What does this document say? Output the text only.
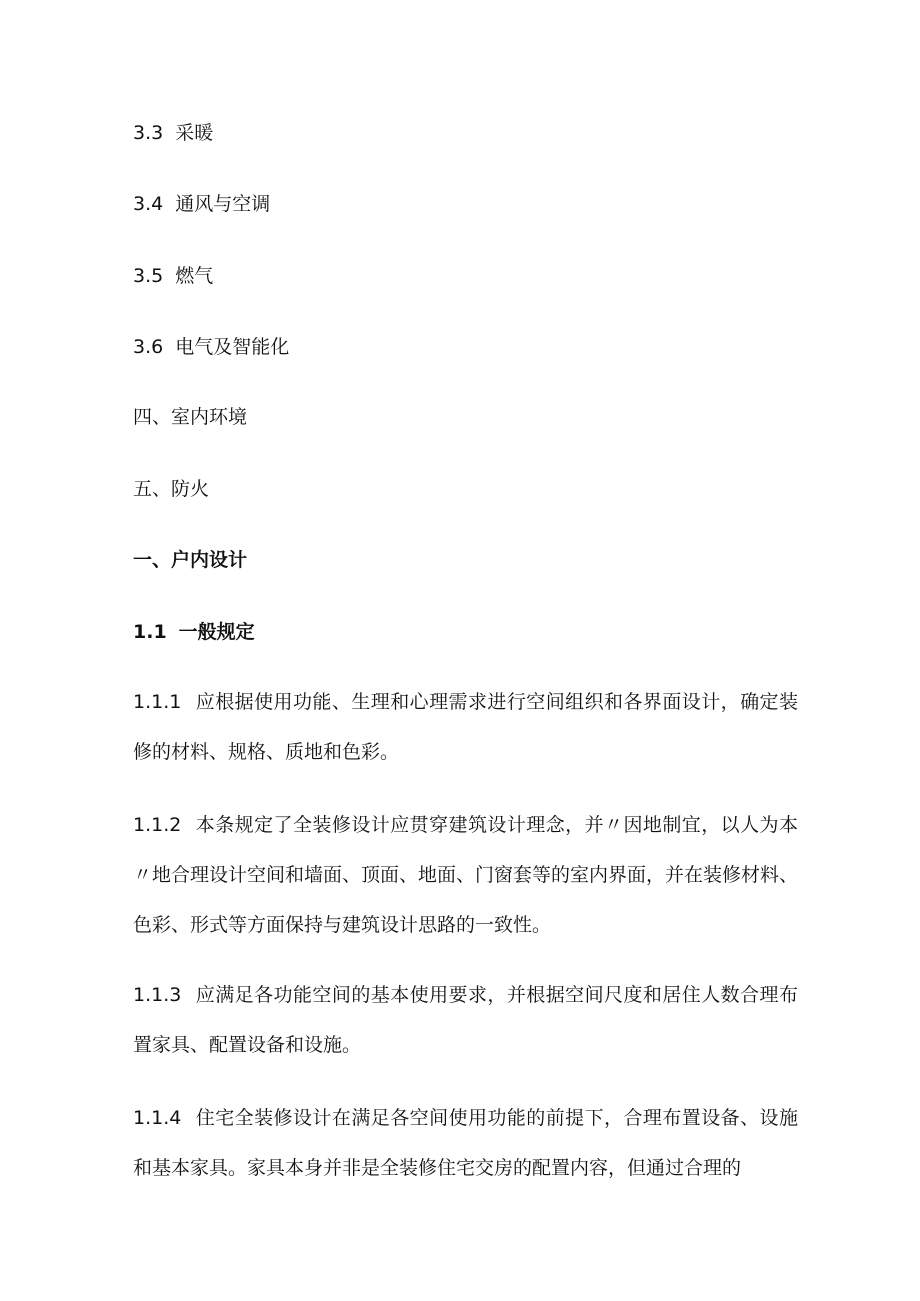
3.3 采暖
3.4 通风与空调
3.5 燃气
3.6 电气及智能化
四、室内环境
五、防火
一、户内设计
1.1 一般规定
1.1.1 应根据使用功能、生理和心理需求进行空间组织和各界面设计，确定装修的材料、规格、质地和色彩。
1.1.2 本条规定了全装修设计应贯穿建筑设计理念，并〃因地制宜，以人为本〃地合理设计空间和墙面、顶面、地面、门窗套等的室内界面，并在装修材料、色彩、形式等方面保持与建筑设计思路的一致性。
1.1.3 应满足各功能空间的基本使用要求，并根据空间尺度和居住人数合理布置家具、配置设备和设施。
1.1.4 住宅全装修设计在满足各空间使用功能的前提下，合理布置设备、设施和基本家具。家具本身并非是全装修住宅交房的配置内容，但通过合理的
